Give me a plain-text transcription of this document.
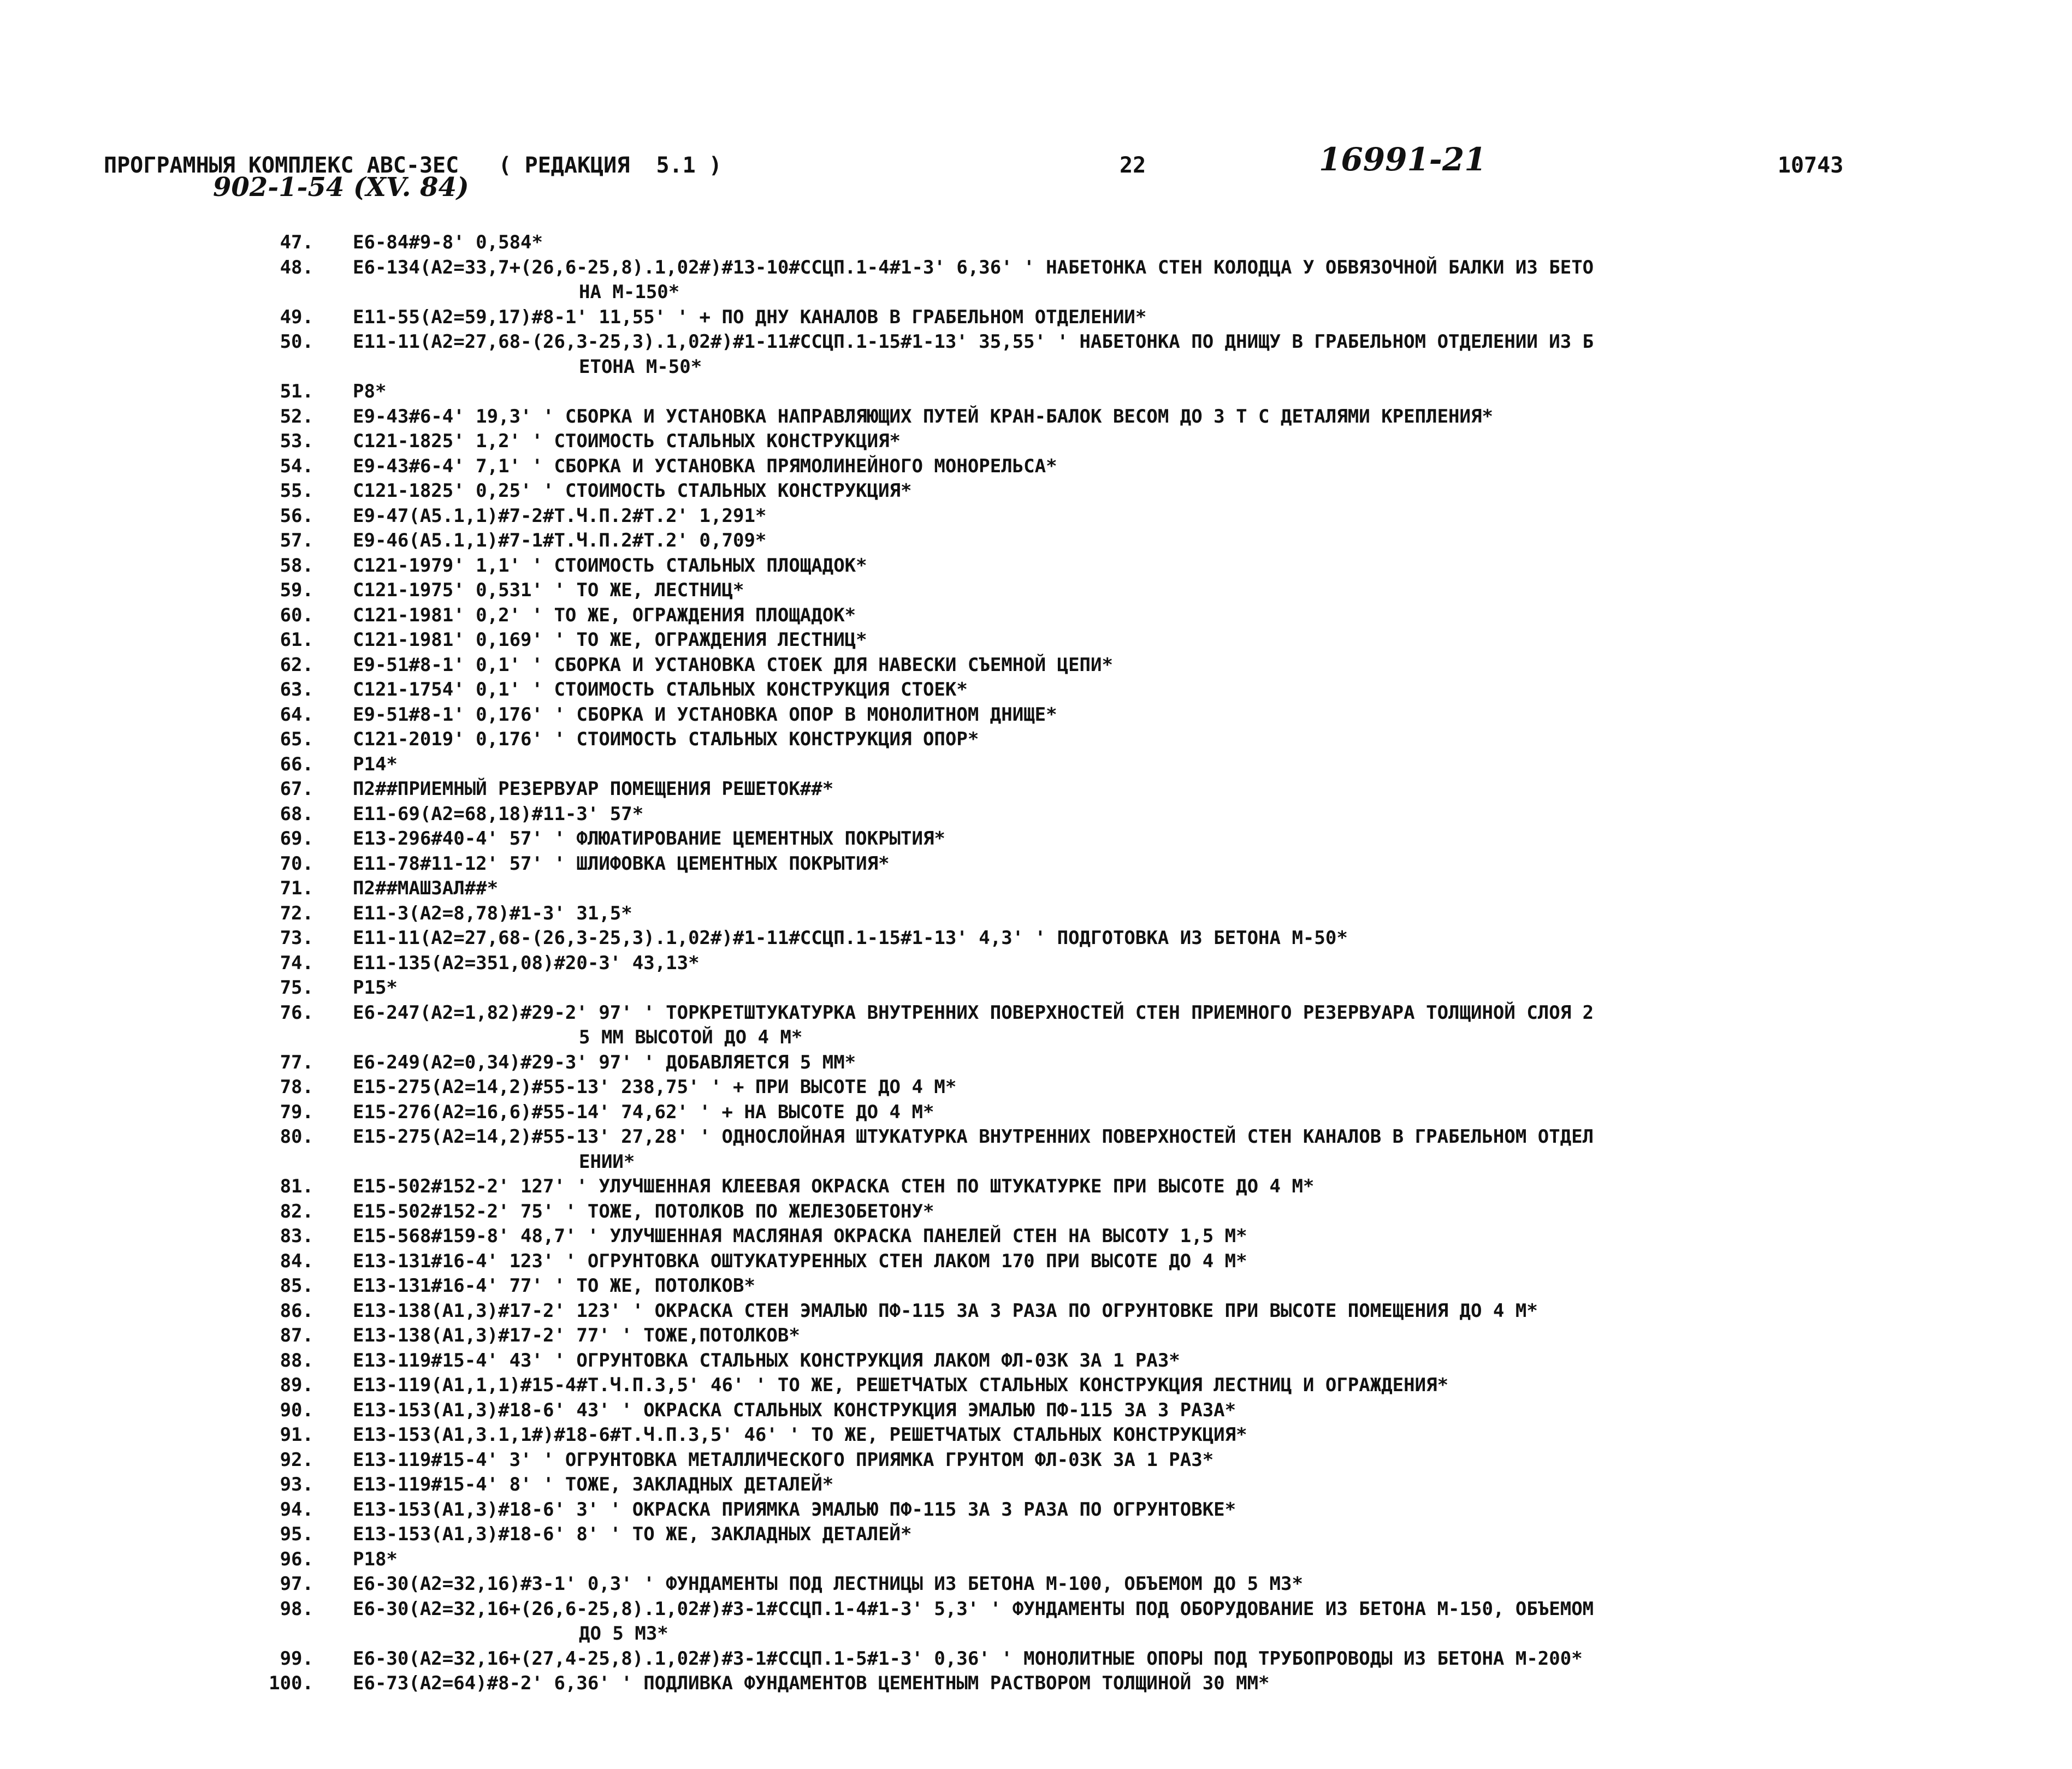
ПРОГРАМНЫЯ КОМПЛЕКС АВС-3ЕС   ( РЕДАКЦИЯ  5.1 )

	22

	10743

16991-21
902-1-54 (XV. 84)
47. Е6-84#9-8' 0,584*
48. Е6-134(А2=33,7+(26,6-25,8).1,02#)#13-10#ССЦП.1-4#1-3' 6,36' ' НАБЕТОНКА СТЕН КОЛОДЦА У ОБВЯЗОЧНОЙ БАЛКИ ИЗ БЕТО
НА М-150*
49. Е11-55(А2=59,17)#8-1' 11,55' ' + ПО ДНУ КАНАЛОВ В ГРАБЕЛЬНОМ ОТДЕЛЕНИИ*
50. Е11-11(А2=27,68-(26,3-25,3).1,02#)#1-11#ССЦП.1-15#1-13' 35,55' ' НАБЕТОНКА ПО ДНИЩУ В ГРАБЕЛЬНОМ ОТДЕЛЕНИИ ИЗ Б
ЕТОНА М-50*
51. Р8*
52. Е9-43#6-4' 19,3' ' СБОРКА И УСТАНОВКА НАПРАВЛЯЮЩИХ ПУТЕЙ КРАН-БАЛОК ВЕСОМ ДО 3 Т С ДЕТАЛЯМИ КРЕПЛЕНИЯ*
53. С121-1825' 1,2' ' СТОИМОСТЬ СТАЛЬНЫХ КОНСТРУКЦИЯ*
54. Е9-43#6-4' 7,1' ' СБОРКА И УСТАНОВКА ПРЯМОЛИНЕЙНОГО МОНОРЕЛЬСА*
55. С121-1825' 0,25' ' СТОИМОСТЬ СТАЛЬНЫХ КОНСТРУКЦИЯ*
56. Е9-47(А5.1,1)#7-2#Т.Ч.П.2#Т.2' 1,291*
57. Е9-46(А5.1,1)#7-1#Т.Ч.П.2#Т.2' 0,709*
58. С121-1979' 1,1' ' СТОИМОСТЬ СТАЛЬНЫХ ПЛОЩАДОК*
59. С121-1975' 0,531' ' ТО ЖЕ, ЛЕСТНИЦ*
60. С121-1981' 0,2' ' ТО ЖЕ, ОГРАЖДЕНИЯ ПЛОЩАДОК*
61. С121-1981' 0,169' ' ТО ЖЕ, ОГРАЖДЕНИЯ ЛЕСТНИЦ*
62. Е9-51#8-1' 0,1' ' СБОРКА И УСТАНОВКА СТОЕК ДЛЯ НАВЕСКИ СЪЕМНОЙ ЦЕПИ*
63. С121-1754' 0,1' ' СТОИМОСТЬ СТАЛЬНЫХ КОНСТРУКЦИЯ СТОЕК*
64. Е9-51#8-1' 0,176' ' СБОРКА И УСТАНОВКА ОПОР В МОНОЛИТНОМ ДНИЩЕ*
65. С121-2019' 0,176' ' СТОИМОСТЬ СТАЛЬНЫХ КОНСТРУКЦИЯ ОПОР*
66. Р14*
67. П2##ПРИЕМНЫЙ РЕЗЕРВУАР ПОМЕЩЕНИЯ РЕШЕТОК##*
68. Е11-69(А2=68,18)#11-3' 57*
69. Е13-296#40-4' 57' ' ФЛЮАТИРОВАНИЕ ЦЕМЕНТНЫХ ПОКРЫТИЯ*
70. Е11-78#11-12' 57' ' ШЛИФОВКА ЦЕМЕНТНЫХ ПОКРЫТИЯ*
71. П2##МАШЗАЛ##*
72. Е11-3(А2=8,78)#1-3' 31,5*
73. Е11-11(А2=27,68-(26,3-25,3).1,02#)#1-11#ССЦП.1-15#1-13' 4,3' ' ПОДГОТОВКА ИЗ БЕТОНА М-50*
74. Е11-135(А2=351,08)#20-3' 43,13*
75. Р15*
76. Е6-247(А2=1,82)#29-2' 97' ' ТОРКРЕТШТУКАТУРКА ВНУТРЕННИХ ПОВЕРХНОСТЕЙ СТЕН ПРИЕМНОГО РЕЗЕРВУАРА ТОЛЩИНОЙ СЛОЯ 2
5 ММ ВЫСОТОЙ ДО 4 М*
77. Е6-249(А2=0,34)#29-3' 97' ' ДОБАВЛЯЕТСЯ 5 ММ*
78. Е15-275(А2=14,2)#55-13' 238,75' ' + ПРИ ВЫСОТЕ ДО 4 М*
79. Е15-276(А2=16,6)#55-14' 74,62' ' + НА ВЫСОТЕ ДО 4 М*
80. Е15-275(А2=14,2)#55-13' 27,28' ' ОДНОСЛОЙНАЯ ШТУКАТУРКА ВНУТРЕННИХ ПОВЕРХНОСТЕЙ СТЕН КАНАЛОВ В ГРАБЕЛЬНОМ ОТДЕЛ
ЕНИИ*
81. Е15-502#152-2' 127' ' УЛУЧШЕННАЯ КЛЕЕВАЯ ОКРАСКА СТЕН ПО ШТУКАТУРКЕ ПРИ ВЫСОТЕ ДО 4 М*
82. Е15-502#152-2' 75' ' ТОЖЕ, ПОТОЛКОВ ПО ЖЕЛЕЗОБЕТОНУ*
83. Е15-568#159-8' 48,7' ' УЛУЧШЕННАЯ МАСЛЯНАЯ ОКРАСКА ПАНЕЛЕЙ СТЕН НА ВЫСОТУ 1,5 М*
84. Е13-131#16-4' 123' ' ОГРУНТОВКА ОШТУКАТУРЕННЫХ СТЕН ЛАКОМ 170 ПРИ ВЫСОТЕ ДО 4 М*
85. Е13-131#16-4' 77' ' ТО ЖЕ, ПОТОЛКОВ*
86. Е13-138(А1,3)#17-2' 123' ' ОКРАСКА СТЕН ЭМАЛЬЮ ПФ-115 ЗА 3 РАЗА ПО ОГРУНТОВКЕ ПРИ ВЫСОТЕ ПОМЕЩЕНИЯ ДО 4 М*
87. Е13-138(А1,3)#17-2' 77' ' ТОЖЕ,ПОТОЛКОВ*
88. Е13-119#15-4' 43' ' ОГРУНТОВКА СТАЛЬНЫХ КОНСТРУКЦИЯ ЛАКОМ ФЛ-03К ЗА 1 РАЗ*
89. Е13-119(А1,1,1)#15-4#Т.Ч.П.3,5' 46' ' ТО ЖЕ, РЕШЕТЧАТЫХ СТАЛЬНЫХ КОНСТРУКЦИЯ ЛЕСТНИЦ И ОГРАЖДЕНИЯ*
90. Е13-153(А1,3)#18-6' 43' ' ОКРАСКА СТАЛЬНЫХ КОНСТРУКЦИЯ ЭМАЛЬЮ ПФ-115 ЗА 3 РАЗА*
91. Е13-153(А1,3.1,1#)#18-6#Т.Ч.П.3,5' 46' ' ТО ЖЕ, РЕШЕТЧАТЫХ СТАЛЬНЫХ КОНСТРУКЦИЯ*
92. Е13-119#15-4' 3' ' ОГРУНТОВКА МЕТАЛЛИЧЕСКОГО ПРИЯМКА ГРУНТОМ ФЛ-03К ЗА 1 РАЗ*
93. Е13-119#15-4' 8' ' ТОЖЕ, ЗАКЛАДНЫХ ДЕТАЛЕЙ*
94. Е13-153(А1,3)#18-6' 3' ' ОКРАСКА ПРИЯМКА ЭМАЛЬЮ ПФ-115 ЗА 3 РАЗА ПО ОГРУНТОВКЕ*
95. Е13-153(А1,3)#18-6' 8' ' ТО ЖЕ, ЗАКЛАДНЫХ ДЕТАЛЕЙ*
96. Р18*
97. Е6-30(А2=32,16)#3-1' 0,3' ' ФУНДАМЕНТЫ ПОД ЛЕСТНИЦЫ ИЗ БЕТОНА М-100, ОБЪЕМОМ ДО 5 М3*
98. Е6-30(А2=32,16+(26,6-25,8).1,02#)#3-1#ССЦП.1-4#1-3' 5,3' ' ФУНДАМЕНТЫ ПОД ОБОРУДОВАНИЕ ИЗ БЕТОНА М-150, ОБЪЕМОМ
ДО 5 М3*
99. Е6-30(А2=32,16+(27,4-25,8).1,02#)#3-1#ССЦП.1-5#1-3' 0,36' ' МОНОЛИТНЫЕ ОПОРЫ ПОД ТРУБОПРОВОДЫ ИЗ БЕТОНА М-200*
100. Е6-73(А2=64)#8-2' 6,36' ' ПОДЛИВКА ФУНДАМЕНТОВ ЦЕМЕНТНЫМ РАСТВОРОМ ТОЛЩИНОЙ 30 ММ*
